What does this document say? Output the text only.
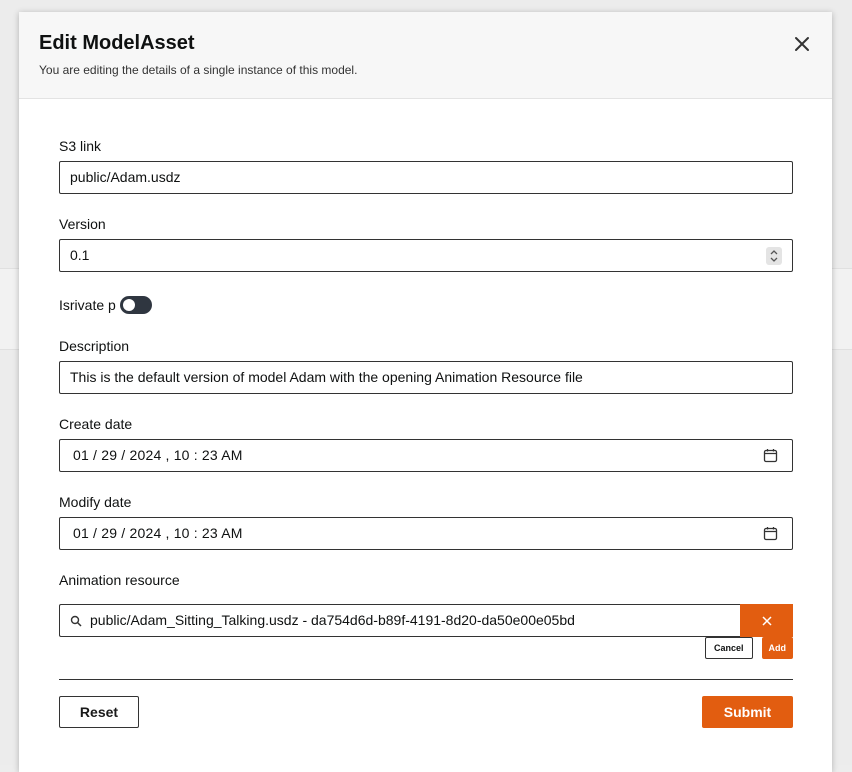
Edit ModelAsset
You are editing the details of a single instance of this model.
S3 link
public/Adam.usdz
Version
0.1
Isrivate p
Description
This is the default version of model Adam with the opening Animation Resource file
Create date
01 / 29 / 2024 , 10 : 23 AM
Modify date
01 / 29 / 2024 , 10 : 23 AM
Animation resource
public/Adam_Sitting_Talking.usdz - da754d6d-b89f-4191-8d20-da50e00e05bd
Cancel	Add
Reset	Submit
